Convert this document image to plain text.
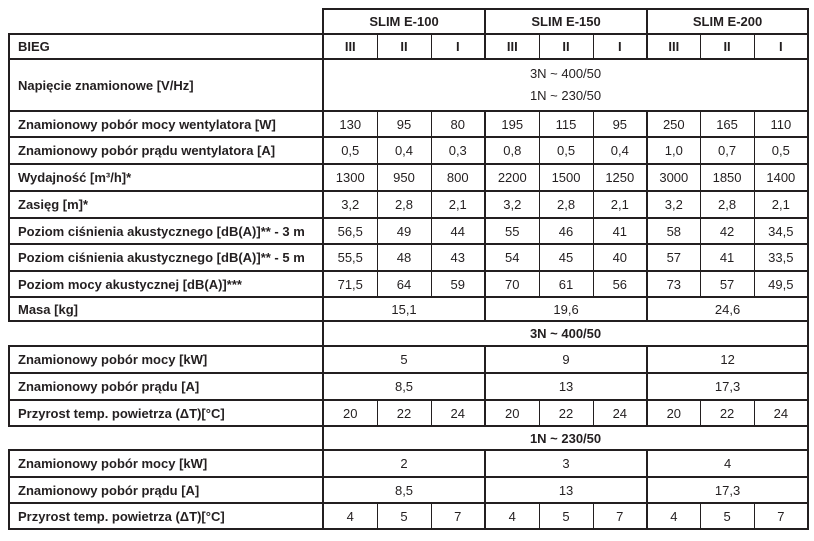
	SLIM E-100			SLIM E-150			SLIM E-200		
BIEG	III	II	I	III	II	I	III	II	I
Napięcie znamionowe [V/Hz]	3N ~ 400/50
1N ~ 230/50								

Znamionowy pobór mocy wentylatora [W]	130	95	80	195	115	95	250	165	110
Znamionowy pobór prądu wentylatora [A]	0,5	0,4	0,3	0,8	0,5	0,4	1,0	0,7	0,5
Wydajność [m³/h]*	1300	950	800	2200	1500	1250	3000	1850	1400
Zasięg [m]*	3,2	2,8	2,1	3,2	2,8	2,1	3,2	2,8	2,1
Poziom ciśnienia akustycznego [dB(A)]** - 3 m	56,5	49	44	55	46	41	58	42	34,5
Poziom ciśnienia akustycznego [dB(A)]** - 5 m	55,5	48	43	54	45	40	57	41	33,5
Poziom mocy akustycznej [dB(A)]***	71,5	64	59	70	61	56	73	57	49,5
Masa [kg]	15,1			19,6			24,6		
	3N ~ 400/50								
Znamionowy pobór mocy [kW]	5			9			12		
Znamionowy pobór prądu [A]	8,5			13			17,3		
Przyrost temp. powietrza (ΔT)[°C]	20	22	24	20	22	24	20	22	24
	1N ~ 230/50								
Znamionowy pobór mocy [kW]	2			3			4		
Znamionowy pobór prądu [A]	8,5			13			17,3		
Przyrost temp. powietrza (ΔT)[°C]	4	5	7	4	5	7	4	5	7
